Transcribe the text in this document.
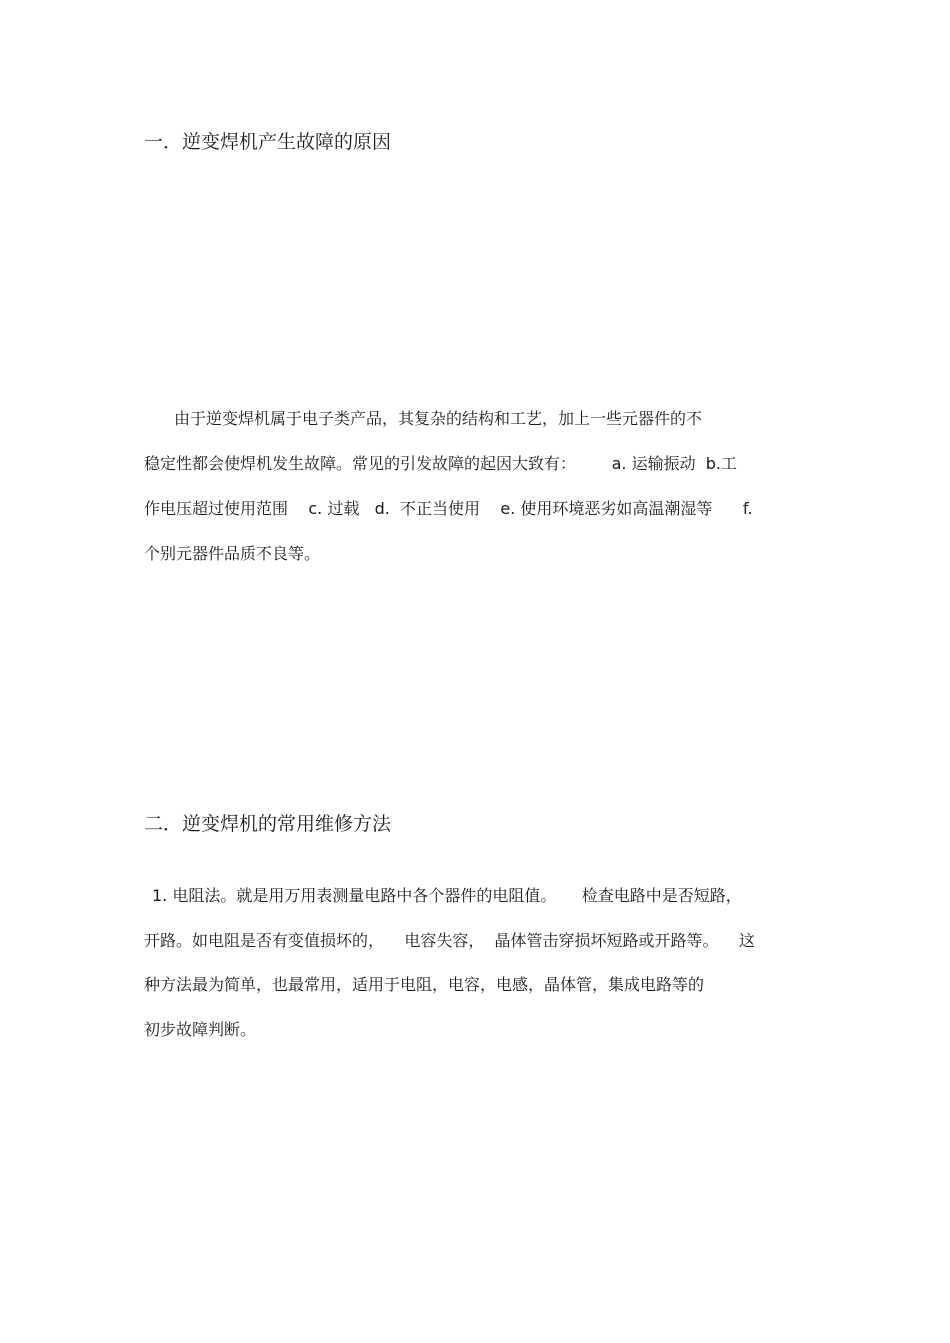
一．逆变焊机产生故障的原因
由于逆变焊机属于电子类产品，其复杂的结构和工艺，加上一些元器件的不
稳定性都会使焊机发生故障。常见的引发故障的起因大致有：       a. 运输振动  b.工
作电压超过使用范围    c. 过载   d.  不正当使用    e. 使用环境恶劣如高温潮湿等      f.
个别元器件品质不良等。
二．逆变焊机的常用维修方法
1. 电阻法。就是用万用表测量电路中各个器件的电阻值。     检查电路中是否短路，
开路。如电阻是否有变值损坏的，    电容失容，  晶体管击穿损坏短路或开路等。    这
种方法最为简单，也最常用，适用于电阻，电容，电感，晶体管，集成电路等的
初步故障判断。
